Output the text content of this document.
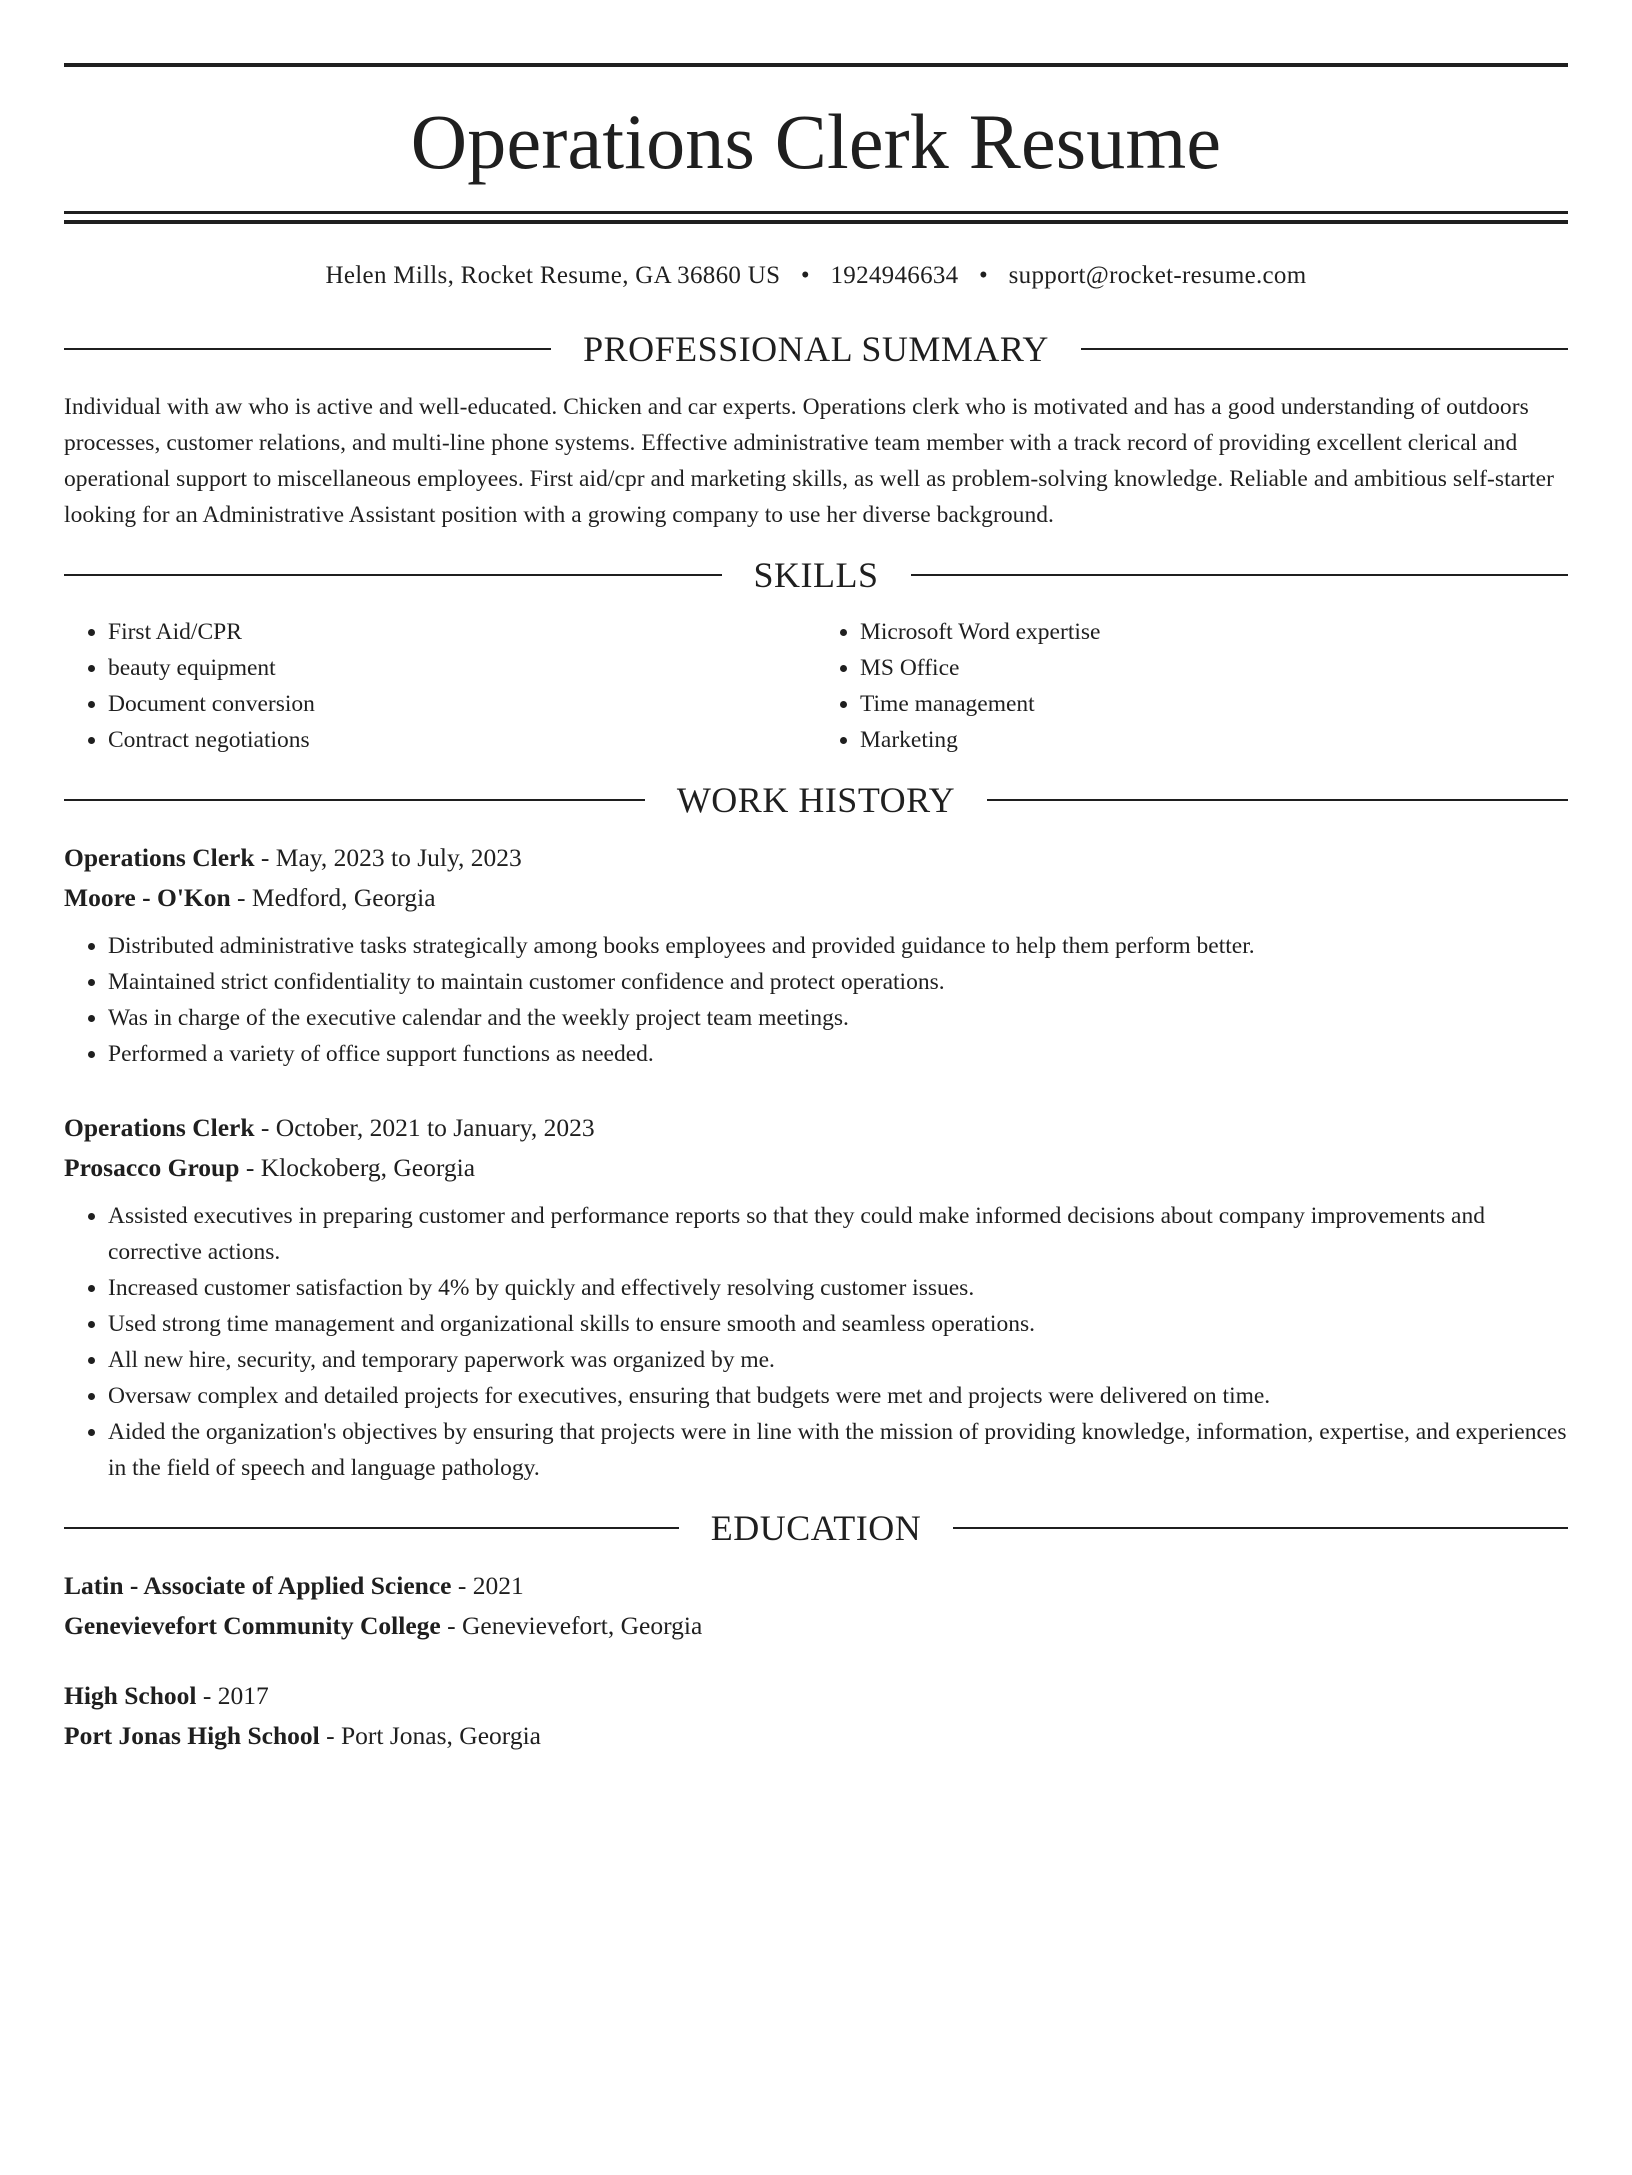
Operations Clerk Resume
Helen Mills, Rocket Resume, GA 36860 US • 1924946634 • support@rocket-resume.com
PROFESSIONAL SUMMARY
Individual with aw who is active and well-educated. Chicken and car experts. Operations clerk who is motivated and has a good understanding of outdoors processes, customer relations, and multi-line phone systems. Effective administrative team member with a track record of providing excellent clerical and operational support to miscellaneous employees. First aid/cpr and marketing skills, as well as problem-solving knowledge. Reliable and ambitious self-starter looking for an Administrative Assistant position with a growing company to use her diverse background.
SKILLS
• First Aid/CPR
• beauty equipment
• Document conversion
• Contract negotiations
• Microsoft Word expertise
• MS Office
• Time management
• Marketing
WORK HISTORY
Operations Clerk - May, 2023 to July, 2023
Moore - O'Kon - Medford, Georgia
• Distributed administrative tasks strategically among books employees and provided guidance to help them perform better.
• Maintained strict confidentiality to maintain customer confidence and protect operations.
• Was in charge of the executive calendar and the weekly project team meetings.
• Performed a variety of office support functions as needed.
Operations Clerk - October, 2021 to January, 2023
Prosacco Group - Klockoberg, Georgia
• Assisted executives in preparing customer and performance reports so that they could make informed decisions about company improvements and corrective actions.
• Increased customer satisfaction by 4% by quickly and effectively resolving customer issues.
• Used strong time management and organizational skills to ensure smooth and seamless operations.
• All new hire, security, and temporary paperwork was organized by me.
• Oversaw complex and detailed projects for executives, ensuring that budgets were met and projects were delivered on time.
• Aided the organization's objectives by ensuring that projects were in line with the mission of providing knowledge, information, expertise, and experiences in the field of speech and language pathology.
EDUCATION
Latin - Associate of Applied Science - 2021
Genevievefort Community College - Genevievefort, Georgia
High School - 2017
Port Jonas High School - Port Jonas, Georgia
